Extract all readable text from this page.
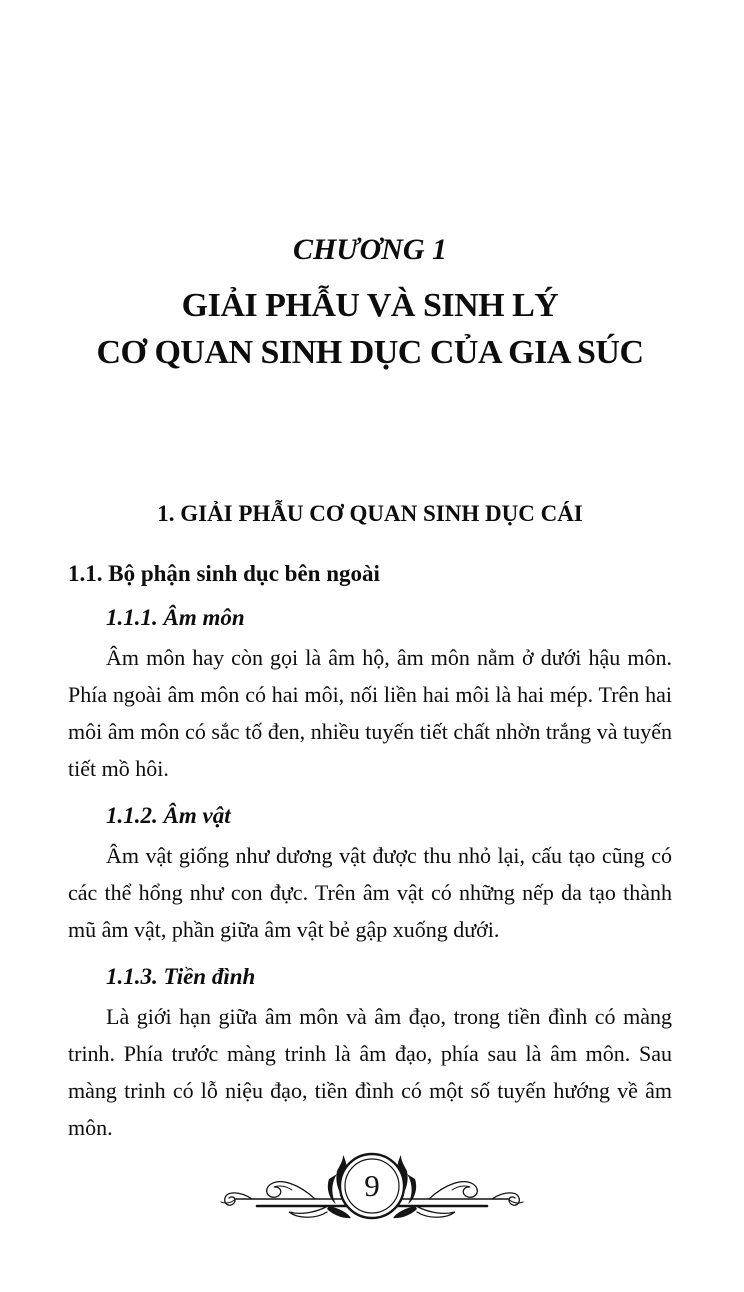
CHƯƠNG 1
GIẢI PHẪU VÀ SINH LÝ
CƠ QUAN SINH DỤC CỦA GIA SÚC
1. GIẢI PHẪU CƠ QUAN SINH DỤC CÁI
1.1. Bộ phận sinh dục bên ngoài
1.1.1. Âm môn

Âm môn hay còn gọi là âm hộ, âm môn nằm ở dưới hậu môn. Phía ngoài âm môn có hai môi, nối liền hai môi là hai mép. Trên hai môi âm môn có sắc tố đen, nhiều tuyến tiết chất nhờn trắng và tuyến tiết mồ hôi.

1.1.2. Âm vật

Âm vật giống như dương vật được thu nhỏ lại, cấu tạo cũng có các thể hổng như con đực. Trên âm vật có những nếp da tạo thành mũ âm vật, phần giữa âm vật bẻ gập xuống dưới.

1.1.3. Tiền đình

Là giới hạn giữa âm môn và âm đạo, trong tiền đình có màng trinh. Phía trước màng trinh là âm đạo, phía sau là âm môn. Sau màng trinh có lỗ niệu đạo, tiền đình có một số tuyến hướng về âm môn.

9
